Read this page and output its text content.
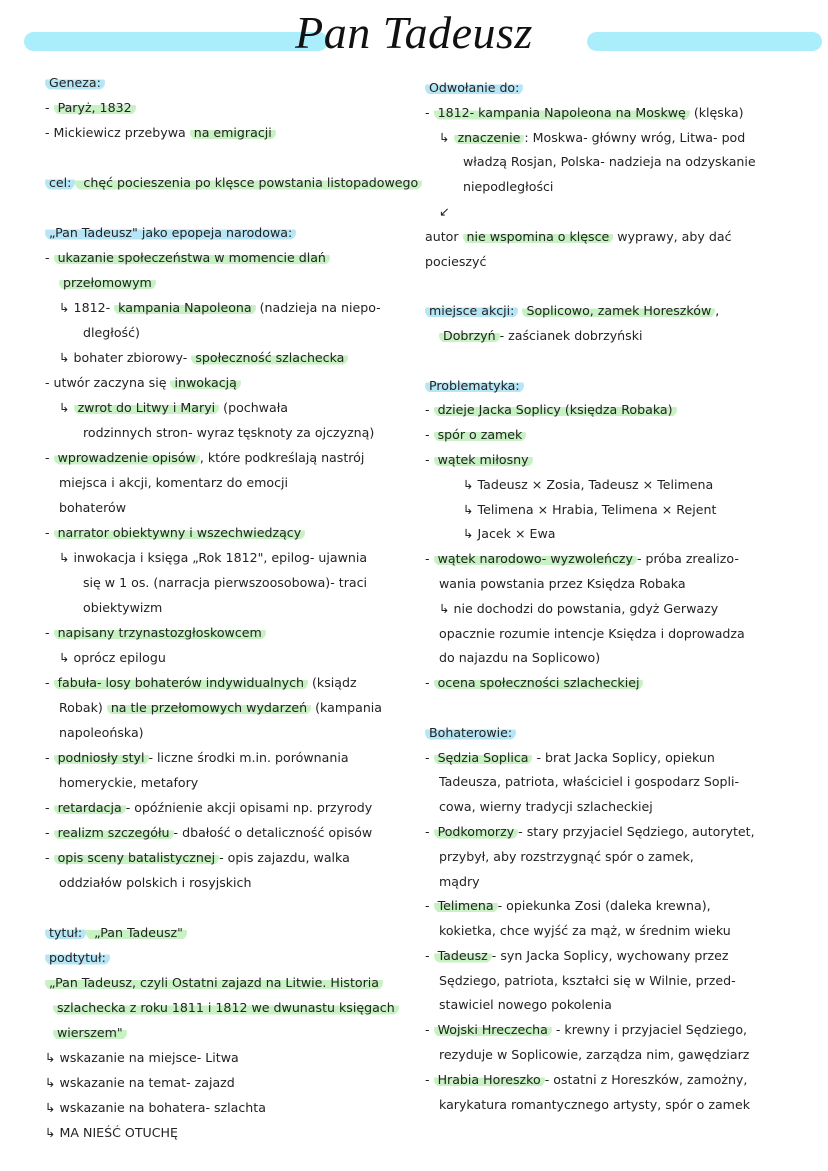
Pan Tadeusz
Geneza:
- Paryż, 1832
- Mickiewicz przebywa na emigracji
cel: chęć pocieszenia po klęsce powstania listopadowego
„Pan Tadeusz" jako epopeja narodowa:
- ukazanie społeczeństwa w momencie dlań
przełomowym
↳ 1812- kampania Napoleona (nadzieja na niepo-
dległość)
↳ bohater zbiorowy- społeczność szlachecka
- utwór zaczyna się inwokacją
↳ zwrot do Litwy i Maryi (pochwała
rodzinnych stron- wyraz tęsknoty za ojczyzną)
- wprowadzenie opisów , które podkreślają nastrój
miejsca i akcji, komentarz do emocji
bohaterów
- narrator obiektywny i wszechwiedzący
↳ inwokacja i księga „Rok 1812", epilog- ujawnia
się w 1 os. (narracja pierwszoosobowa)- traci
obiektywizm
- napisany trzynastozgłoskowcem
↳ oprócz epilogu
- fabuła- losy bohaterów indywidualnych (ksiądz
Robak) na tle przełomowych wydarzeń (kampania
napoleońska)
- podniosły styl - liczne środki m.in. porównania
homeryckie, metafory
- retardacja - opóźnienie akcji opisami np. przyrody
- realizm szczegółu - dbałość o detaliczność opisów
- opis sceny batalistycznej - opis zajazdu, walka
oddziałów polskich i rosyjskich
tytuł: „Pan Tadeusz"
podtytuł:
„Pan Tadeusz, czyli Ostatni zajazd na Litwie. Historia
szlachecka z roku 1811 i 1812 we dwunastu księgach
wierszem"
↳ wskazanie na miejsce- Litwa
↳ wskazanie na temat- zajazd
↳ wskazanie na bohatera- szlachta
↳ MA NIEŚĆ OTUCHĘ
Odwołanie do:
- 1812- kampania Napoleona na Moskwę (klęska)
↳ znaczenie : Moskwa- główny wróg, Litwa- pod
władzą Rosjan, Polska- nadzieja na odzyskanie
niepodległości
↙
autor nie wspomina o klęsce wyprawy, aby dać
pocieszyć
miejsce akcji: Soplicowo, zamek Horeszków ,
Dobrzyń - zaścianek dobrzyński
Problematyka:
- dzieje Jacka Soplicy (księdza Robaka)
- spór o zamek
- wątek miłosny
↳ Tadeusz × Zosia, Tadeusz × Telimena
↳ Telimena × Hrabia, Telimena × Rejent
↳ Jacek × Ewa
- wątek narodowo- wyzwoleńczy - próba zrealizo-
wania powstania przez Księdza Robaka
↳ nie dochodzi do powstania, gdyż Gerwazy
opacznie rozumie intencje Księdza i doprowadza
do najazdu na Soplicowo)
- ocena społeczności szlacheckiej
Bohaterowie:
- Sędzia Soplica - brat Jacka Soplicy, opiekun
Tadeusza, patriota, właściciel i gospodarz Sopli-
cowa, wierny tradycji szlacheckiej
- Podkomorzy - stary przyjaciel Sędziego, autorytet,
przybył, aby rozstrzygnąć spór o zamek,
mądry
- Telimena - opiekunka Zosi (daleka krewna),
kokietka, chce wyjść za mąż, w średnim wieku
- Tadeusz - syn Jacka Soplicy, wychowany przez
Sędziego, patriota, kształci się w Wilnie, przed-
stawiciel nowego pokolenia
- Wojski Hreczecha - krewny i przyjaciel Sędziego,
rezyduje w Soplicowie, zarządza nim, gawędziarz
- Hrabia Horeszko - ostatni z Horeszków, zamożny,
karykatura romantycznego artysty, spór o zamek
